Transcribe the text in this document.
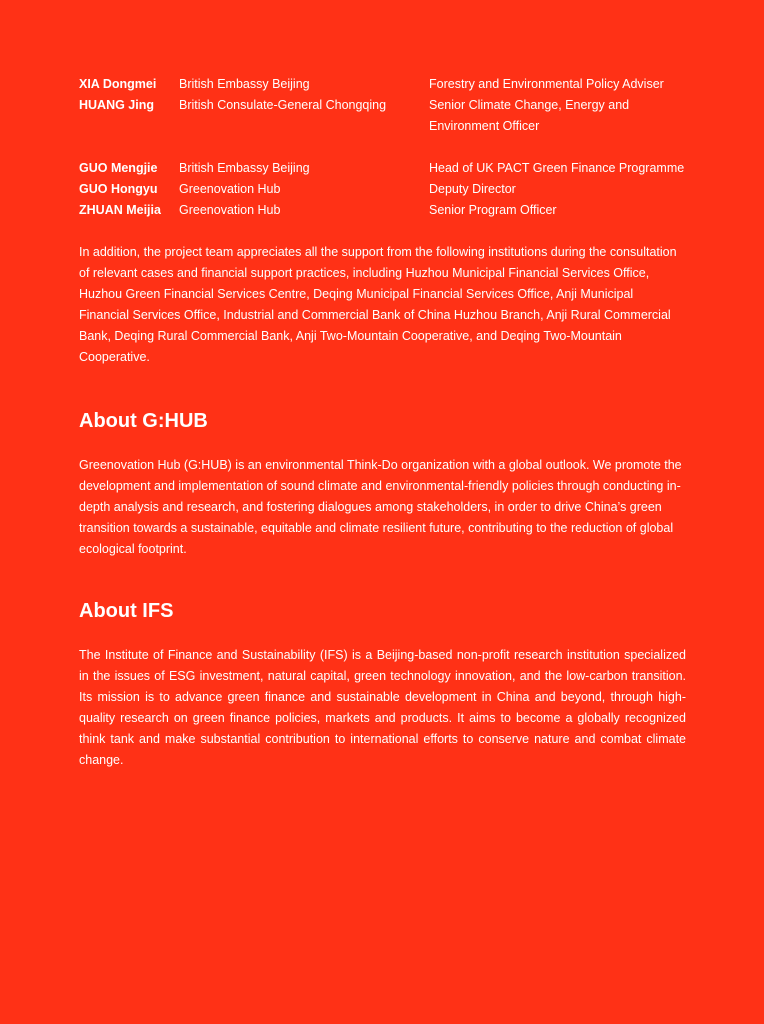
XIA Dongmei	British Embassy Beijing	Forestry and Environmental Policy Adviser
HUANG Jing	British Consulate-General Chongqing	Senior Climate Change, Energy and Environment Officer
GUO Mengjie	British Embassy Beijing	Head of UK PACT Green Finance Programme
GUO Hongyu	Greenovation Hub	Deputy Director
ZHUAN Meijia	Greenovation Hub	Senior Program Officer

In addition, the project team appreciates all the support from the following institutions during the consultation of relevant cases and financial support practices, including Huzhou Municipal Financial Services Office, Huzhou Green Financial Services Centre, Deqing Municipal Financial Services Office, Anji Municipal Financial Services Office, Industrial and Commercial Bank of China Huzhou Branch, Anji Rural Commercial Bank, Deqing Rural Commercial Bank, Anji Two-Mountain Cooperative, and Deqing Two-Mountain Cooperative.

About G:HUB

Greenovation Hub (G:HUB) is an environmental Think-Do organization with a global outlook. We promote the development and implementation of sound climate and environmental-friendly policies through conducting in-depth analysis and research, and fostering dialogues among stakeholders, in order to drive China’s green transition towards a sustainable, equitable and climate resilient future, contributing to the reduction of global ecological footprint.

About IFS

The Institute of Finance and Sustainability (IFS) is a Beijing-based non-profit research institution specialized in the issues of ESG investment, natural capital, green technology innovation, and the low-carbon transition. Its mission is to advance green finance and sustainable development in China and beyond, through high-quality research on green finance policies, markets and products. It aims to become a globally recognized think tank and make substantial contribution to international efforts to conserve nature and combat climate change.
